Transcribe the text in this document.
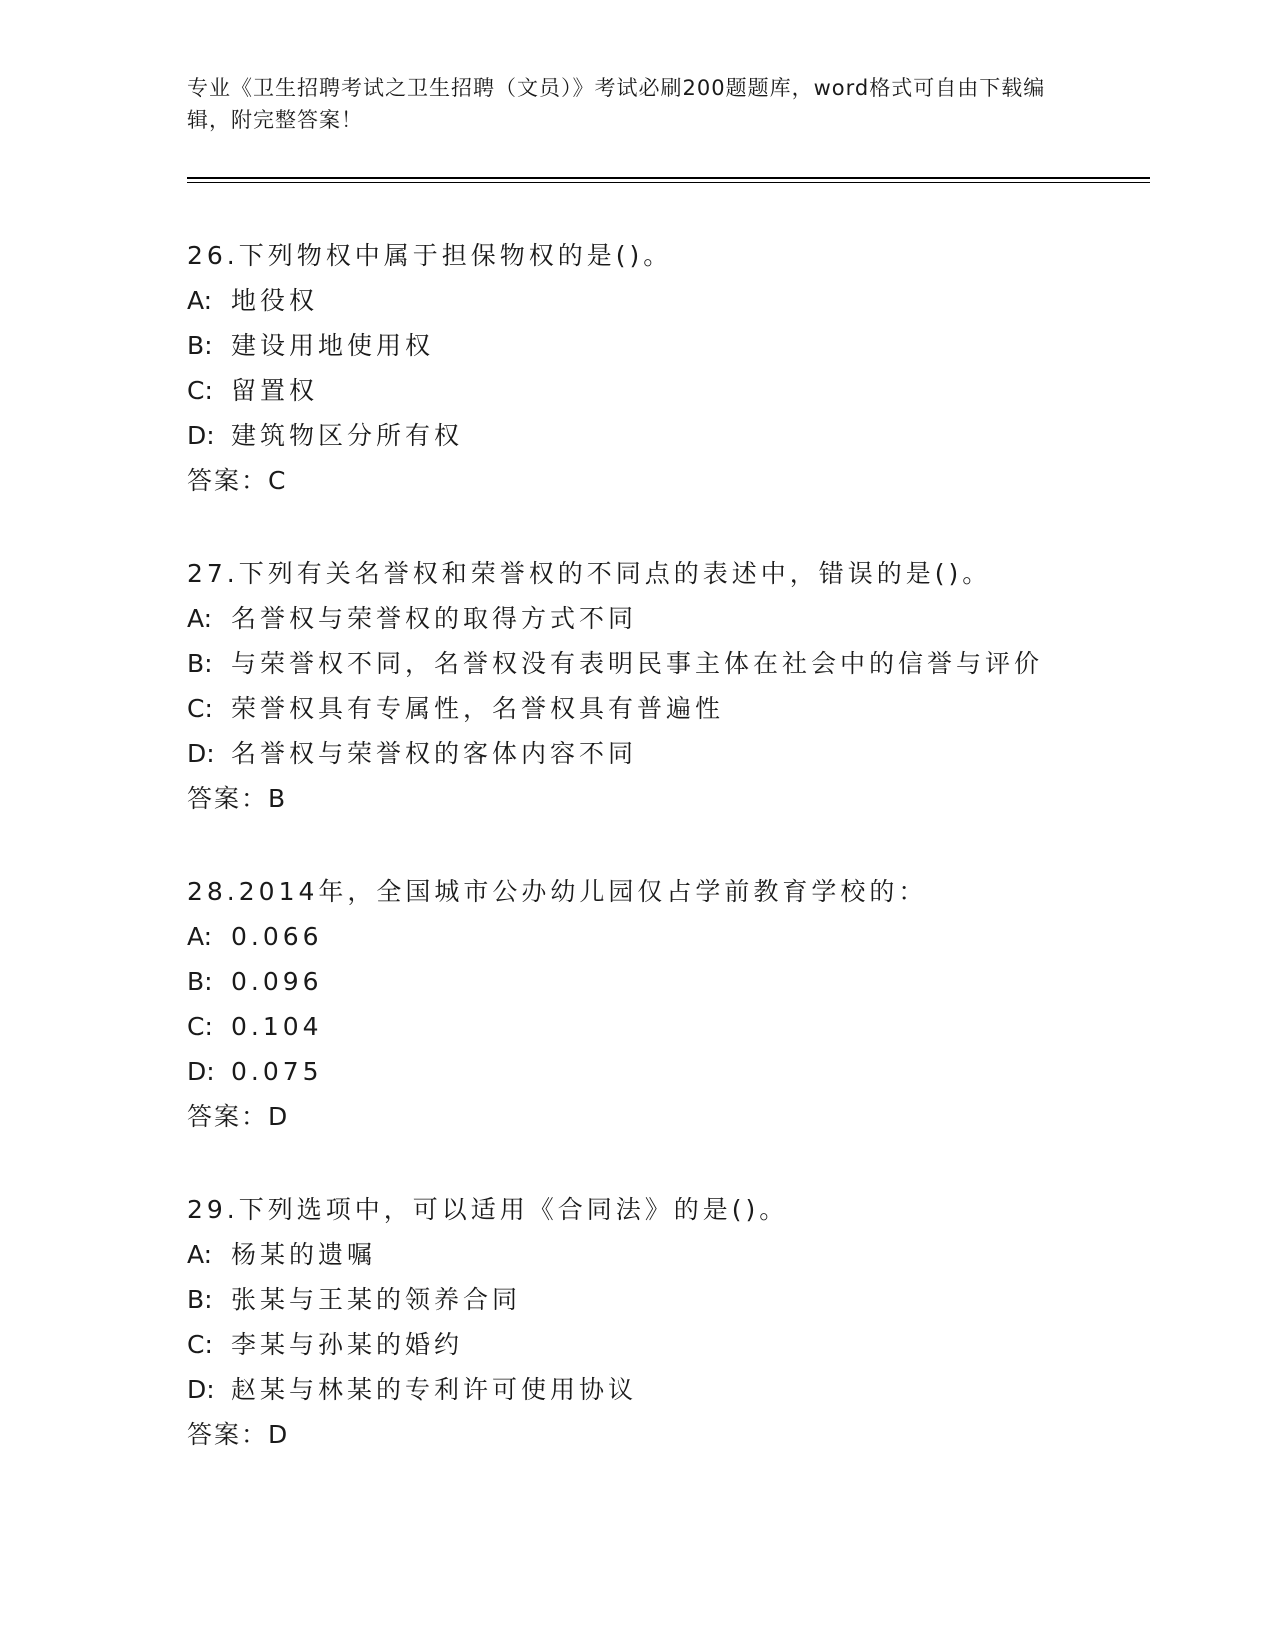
专业《卫生招聘考试之卫生招聘（文员）》考试必刷200题题库，word格式可自由下载编辑，附完整答案！
26.下列物权中属于担保物权的是()。
A: 地役权
B: 建设用地使用权
C: 留置权
D: 建筑物区分所有权
答案：C
27.下列有关名誉权和荣誉权的不同点的表述中，错误的是()。
A: 名誉权与荣誉权的取得方式不同
B: 与荣誉权不同，名誉权没有表明民事主体在社会中的信誉与评价
C: 荣誉权具有专属性，名誉权具有普遍性
D: 名誉权与荣誉权的客体内容不同
答案：B
28.2014年，全国城市公办幼儿园仅占学前教育学校的：
A: 0.066
B: 0.096
C: 0.104
D: 0.075
答案：D
29.下列选项中，可以适用《合同法》的是()。
A: 杨某的遗嘱
B: 张某与王某的领养合同
C: 李某与孙某的婚约
D: 赵某与林某的专利许可使用协议
答案：D
